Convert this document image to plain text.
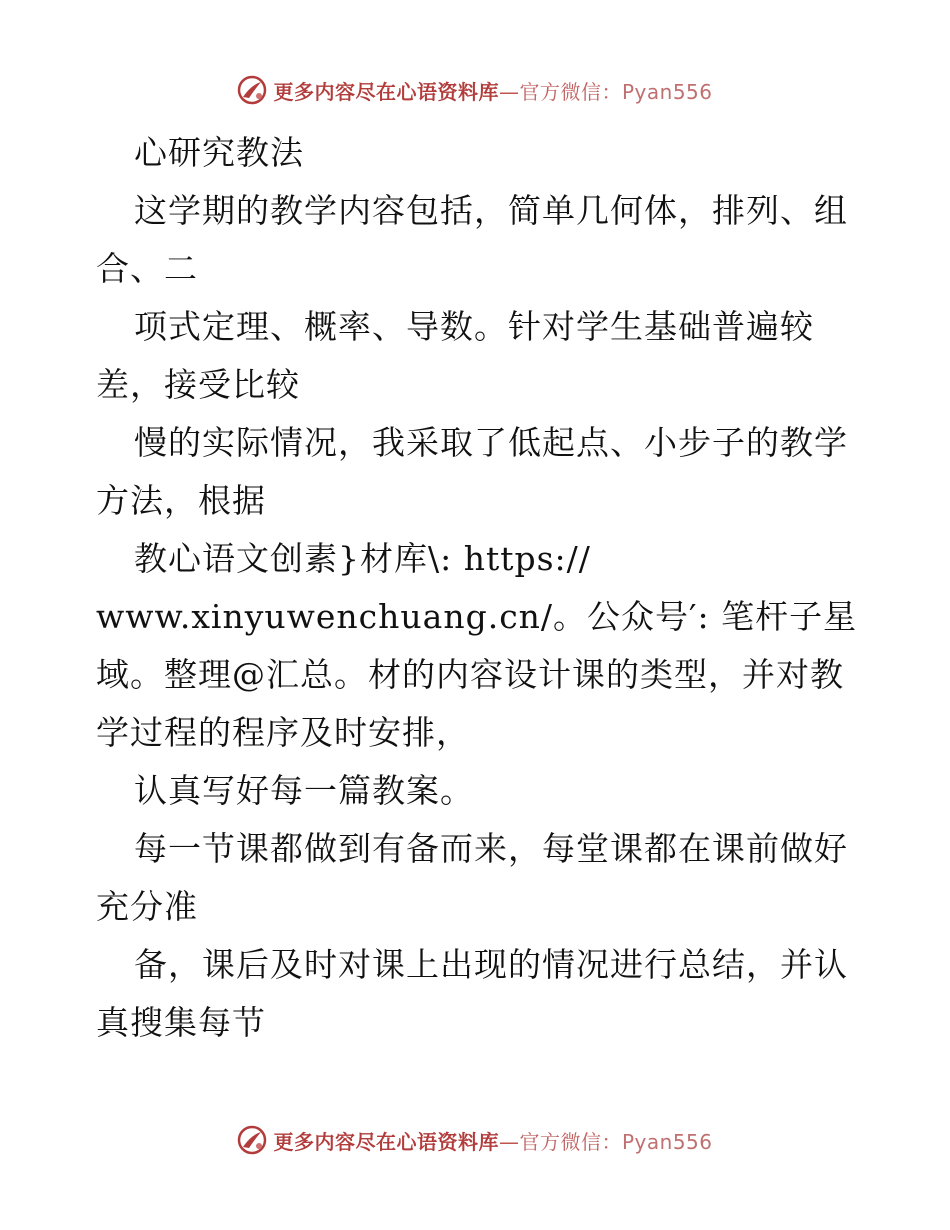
更多内容尽在心语资料库—官方微信：Pyan556
心研究教法
这学期的教学内容包括，简单几何体，排列、组
合、二
项式定理、概率、导数。针对学生基础普遍较
差，接受比较
慢的实际情况，我采取了低起点、小步子的教学
方法，根据
教心语文创素}材库\: https://
www.xinyuwenchuang.cn/。公众号′: 笔杆子星
域。整理@汇总。材的内容设计课的类型，并对教
学过程的程序及时安排，
认真写好每一篇教案。
每一节课都做到有备而来，每堂课都在课前做好
充分准
备，课后及时对课上出现的情况进行总结，并认
真搜集每节
更多内容尽在心语资料库—官方微信：Pyan556
